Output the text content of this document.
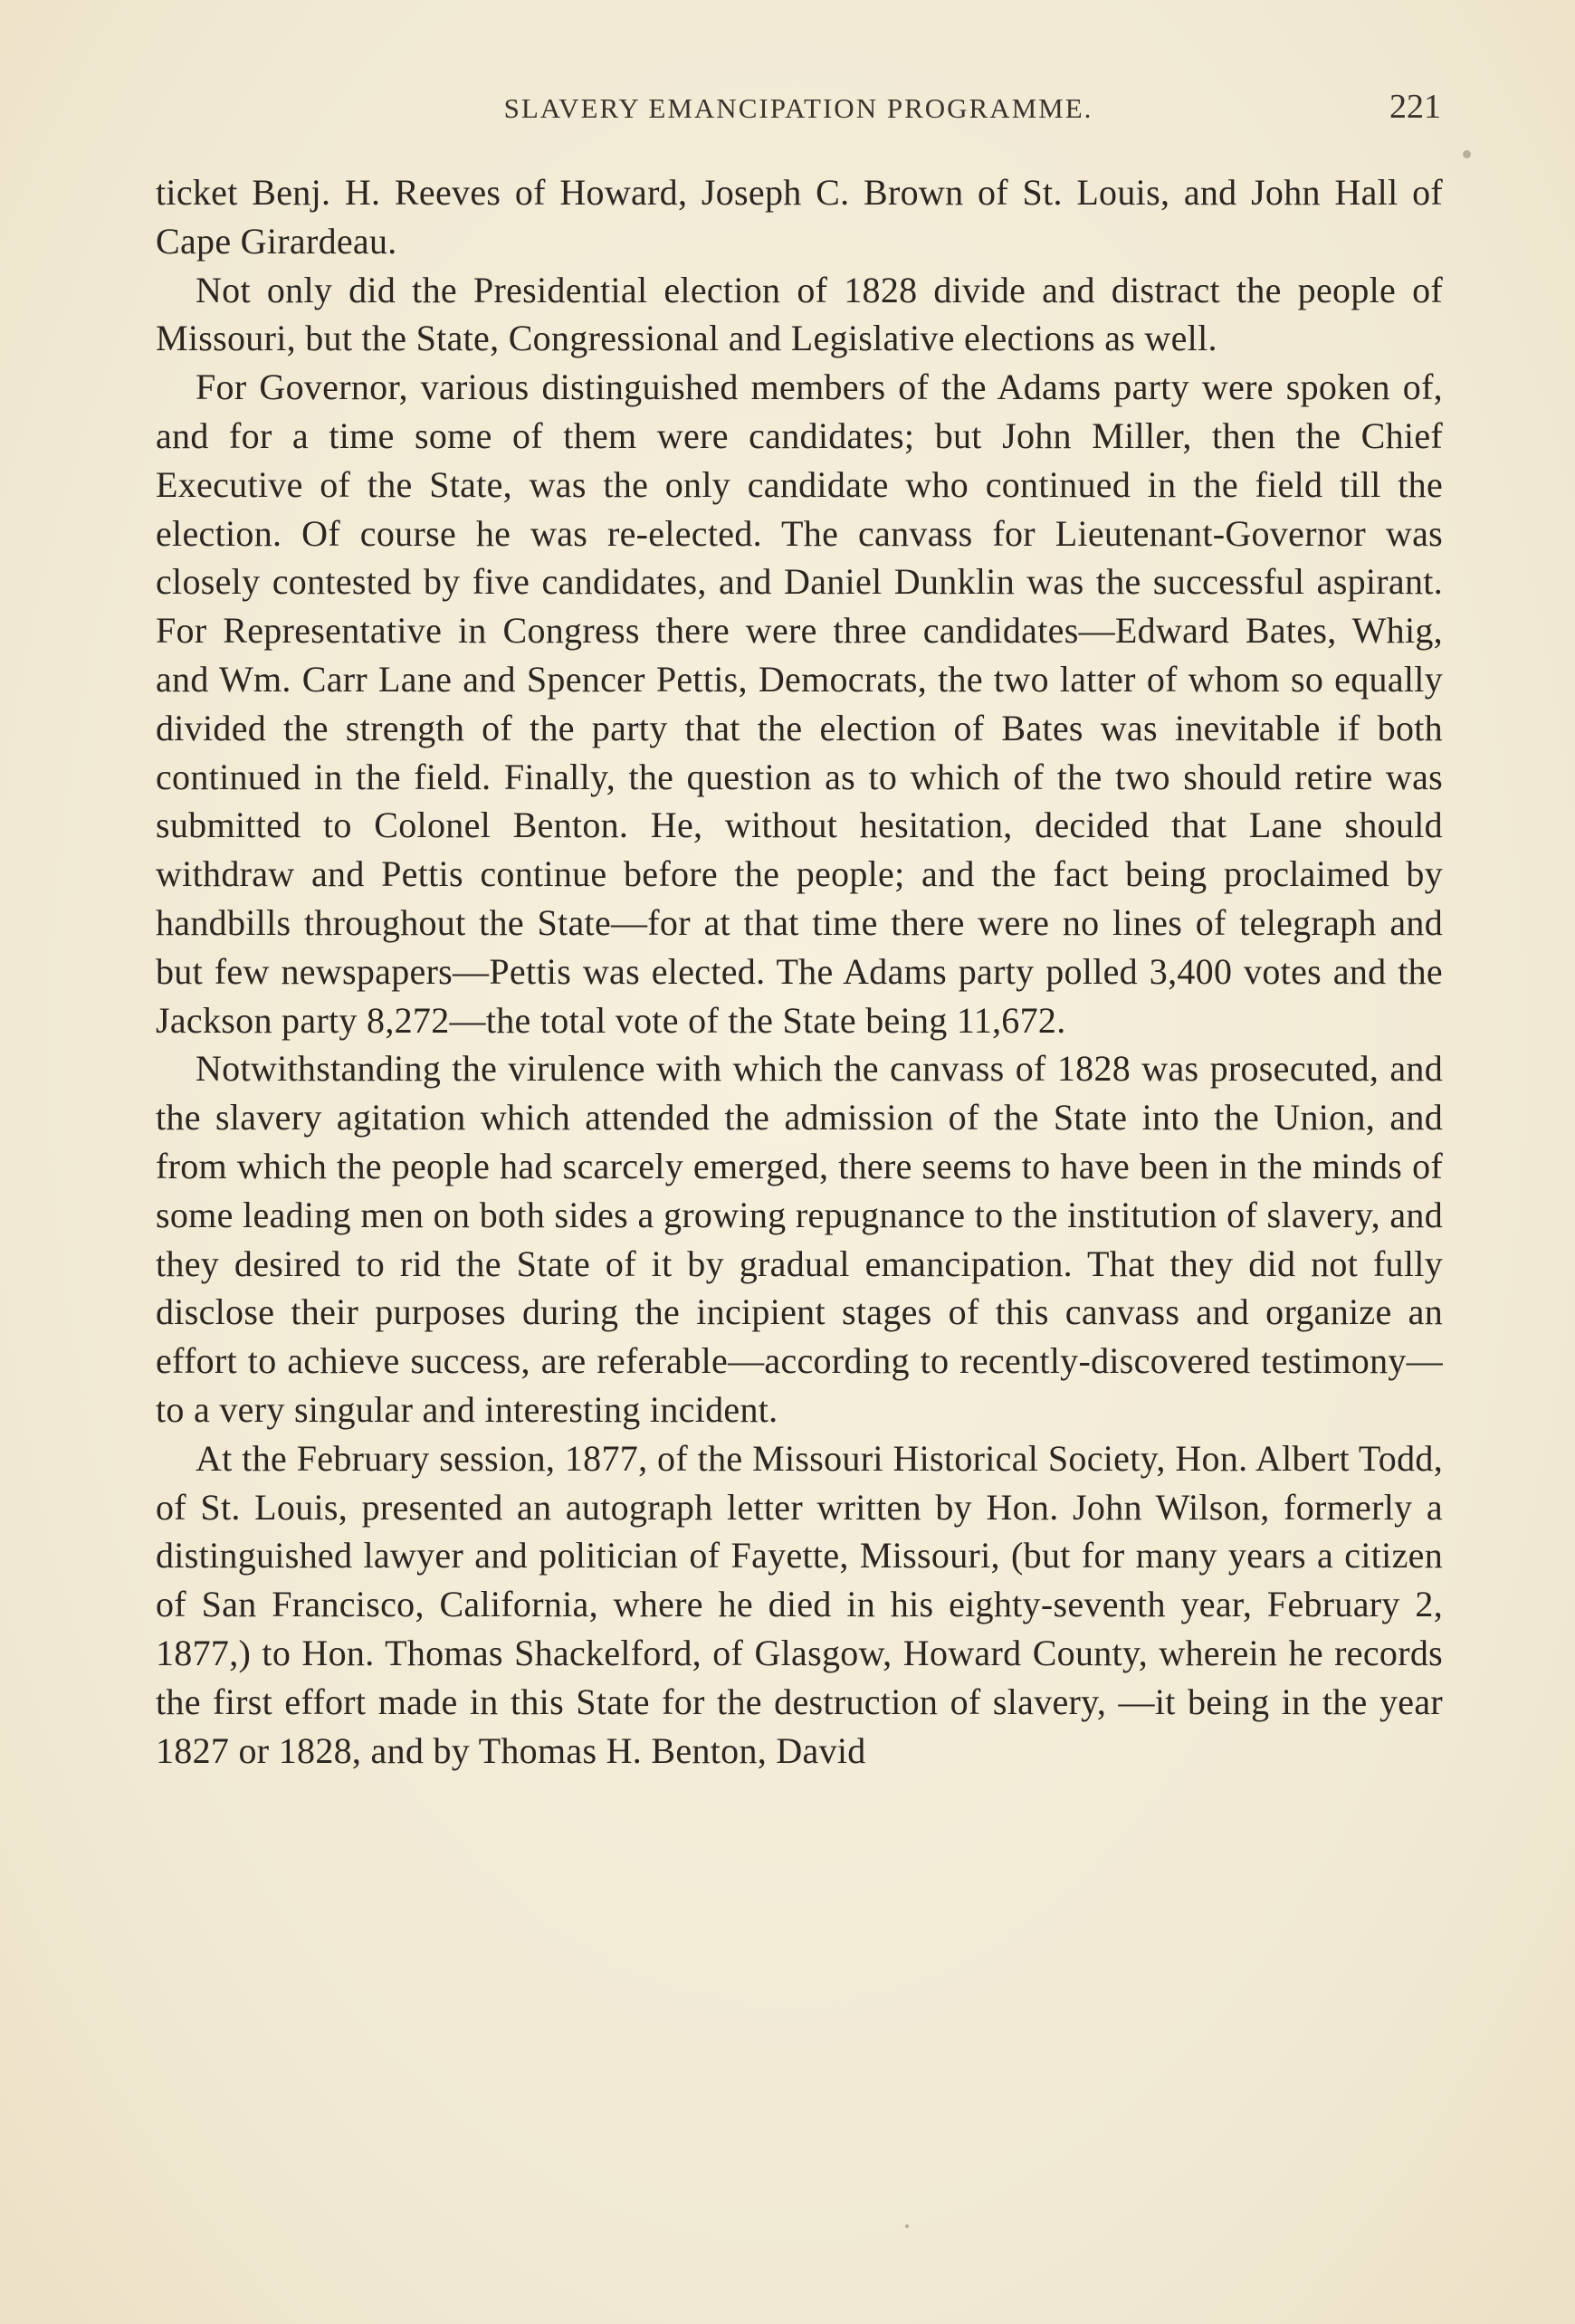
SLAVERY EMANCIPATION PROGRAMME.	221

ticket Benj. H. Reeves of Howard, Joseph C. Brown of St. Louis, and John Hall of Cape Girardeau.

Not only did the Presidential election of 1828 divide and distract the people of Missouri, but the State, Congressional and Legislative elections as well.

For Governor, various distinguished members of the Adams party were spoken of, and for a time some of them were candidates; but John Miller, then the Chief Executive of the State, was the only candidate who continued in the field till the election. Of course he was re-elected. The canvass for Lieutenant-Governor was closely contested by five candidates, and Daniel Dunklin was the successful aspirant. For Representative in Congress there were three candidates—Edward Bates, Whig, and Wm. Carr Lane and Spencer Pettis, Democrats, the two latter of whom so equally divided the strength of the party that the election of Bates was inevitable if both continued in the field. Finally, the question as to which of the two should retire was submitted to Colonel Benton. He, without hesitation, decided that Lane should withdraw and Pettis continue before the people; and the fact being proclaimed by handbills throughout the State—for at that time there were no lines of telegraph and but few newspapers—Pettis was elected. The Adams party polled 3,400 votes and the Jackson party 8,272—the total vote of the State being 11,672.

Notwithstanding the virulence with which the canvass of 1828 was prosecuted, and the slavery agitation which attended the admission of the State into the Union, and from which the people had scarcely emerged, there seems to have been in the minds of some leading men on both sides a growing repugnance to the institution of slavery, and they desired to rid the State of it by gradual emancipation. That they did not fully disclose their purposes during the incipient stages of this canvass and organize an effort to achieve success, are referable—according to recently-discovered testimony—to a very singular and interesting incident.

At the February session, 1877, of the Missouri Historical Society, Hon. Albert Todd, of St. Louis, presented an autograph letter written by Hon. John Wilson, formerly a distinguished lawyer and politician of Fayette, Missouri, (but for many years a citizen of San Francisco, California, where he died in his eighty-seventh year, February 2, 1877,) to Hon. Thomas Shackelford, of Glasgow, Howard County, wherein he records the first effort made in this State for the destruction of slavery, —it being in the year 1827 or 1828, and by Thomas H. Benton, David
